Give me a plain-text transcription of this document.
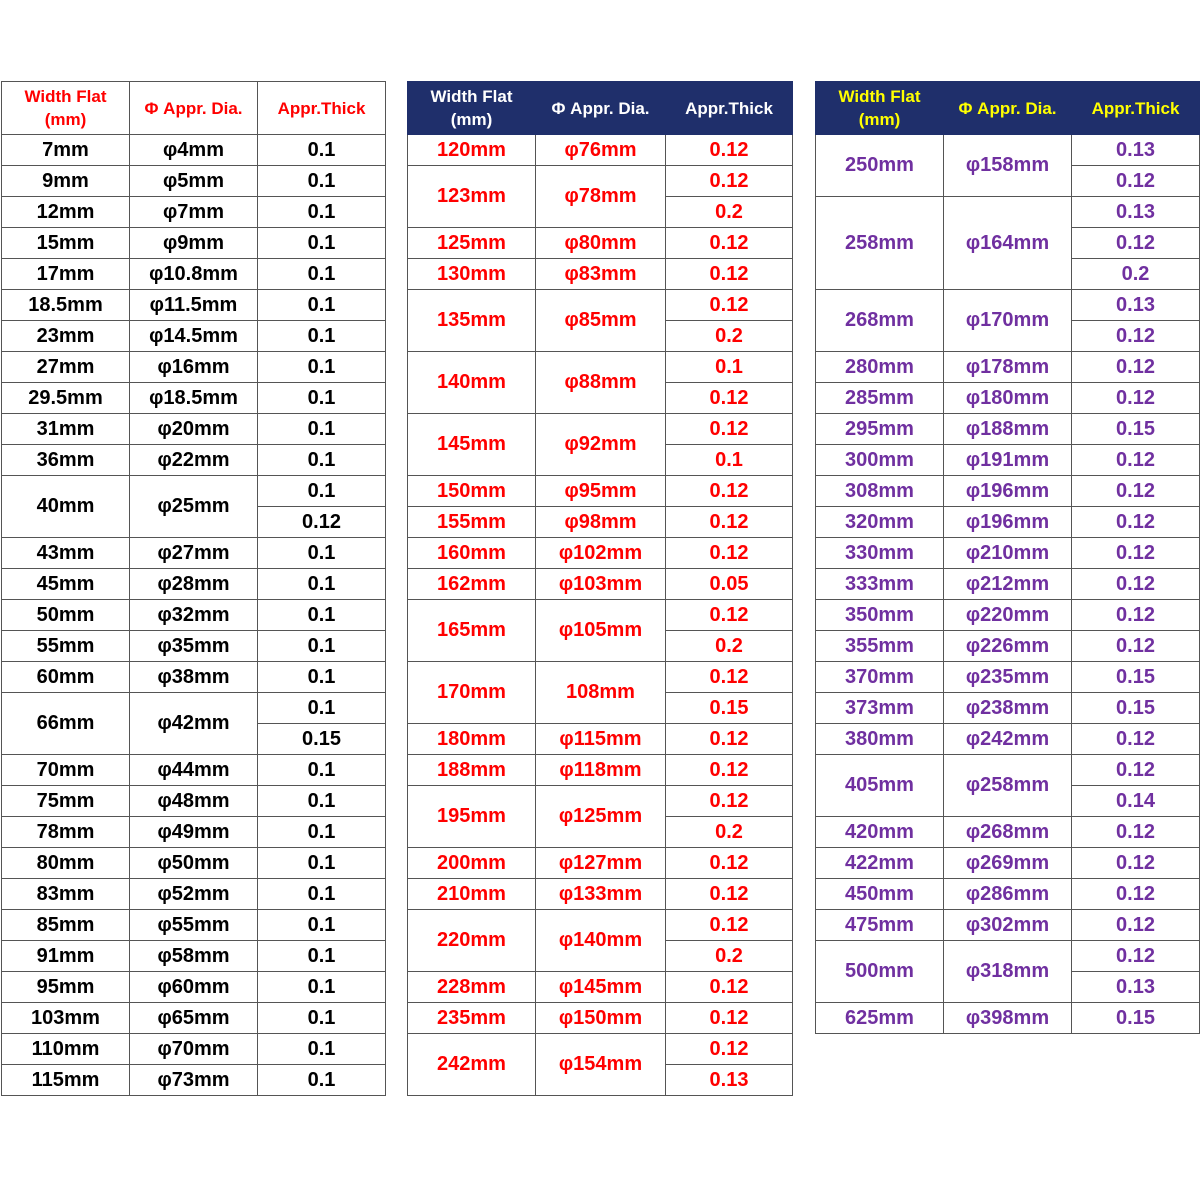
Width Flat
(mm)	Φ Appr. Dia.	Appr.Thick
7mm	φ4mm	0.1
9mm	φ5mm	0.1
12mm	φ7mm	0.1
15mm	φ9mm	0.1
17mm	φ10.8mm	0.1
18.5mm	φ11.5mm	0.1
23mm	φ14.5mm	0.1
27mm	φ16mm	0.1
29.5mm	φ18.5mm	0.1
31mm	φ20mm	0.1
36mm	φ22mm	0.1
40mm	φ25mm	0.1
		0.12
43mm	φ27mm	0.1
45mm	φ28mm	0.1
50mm	φ32mm	0.1
55mm	φ35mm	0.1
60mm	φ38mm	0.1
66mm	φ42mm	0.1
		0.15
70mm	φ44mm	0.1
75mm	φ48mm	0.1
78mm	φ49mm	0.1
80mm	φ50mm	0.1
83mm	φ52mm	0.1
85mm	φ55mm	0.1
91mm	φ58mm	0.1
95mm	φ60mm	0.1
103mm	φ65mm	0.1
110mm	φ70mm	0.1
115mm	φ73mm	0.1
Width Flat
(mm)	Φ Appr. Dia.	Appr.Thick
120mm	φ76mm	0.12
123mm	φ78mm	0.12
		0.2
125mm	φ80mm	0.12
130mm	φ83mm	0.12
135mm	φ85mm	0.12
		0.2
140mm	φ88mm	0.1
		0.12
145mm	φ92mm	0.12
		0.1
150mm	φ95mm	0.12
155mm	φ98mm	0.12
160mm	φ102mm	0.12
162mm	φ103mm	0.05
165mm	φ105mm	0.12
		0.2
170mm	108mm	0.12
		0.15
180mm	φ115mm	0.12
188mm	φ118mm	0.12
195mm	φ125mm	0.12
		0.2
200mm	φ127mm	0.12
210mm	φ133mm	0.12
220mm	φ140mm	0.12
		0.2
228mm	φ145mm	0.12
235mm	φ150mm	0.12
242mm	φ154mm	0.12
		0.13
Width Flat
(mm)	Φ Appr. Dia.	Appr.Thick
250mm	φ158mm	0.13
		0.12
258mm	φ164mm	0.13
		0.12
		0.2
268mm	φ170mm	0.13
		0.12
280mm	φ178mm	0.12
285mm	φ180mm	0.12
295mm	φ188mm	0.15
300mm	φ191mm	0.12
308mm	φ196mm	0.12
320mm	φ196mm	0.12
330mm	φ210mm	0.12
333mm	φ212mm	0.12
350mm	φ220mm	0.12
355mm	φ226mm	0.12
370mm	φ235mm	0.15
373mm	φ238mm	0.15
380mm	φ242mm	0.12
405mm	φ258mm	0.12
		0.14
420mm	φ268mm	0.12
422mm	φ269mm	0.12
450mm	φ286mm	0.12
475mm	φ302mm	0.12
500mm	φ318mm	0.12
		0.13
625mm	φ398mm	0.15
